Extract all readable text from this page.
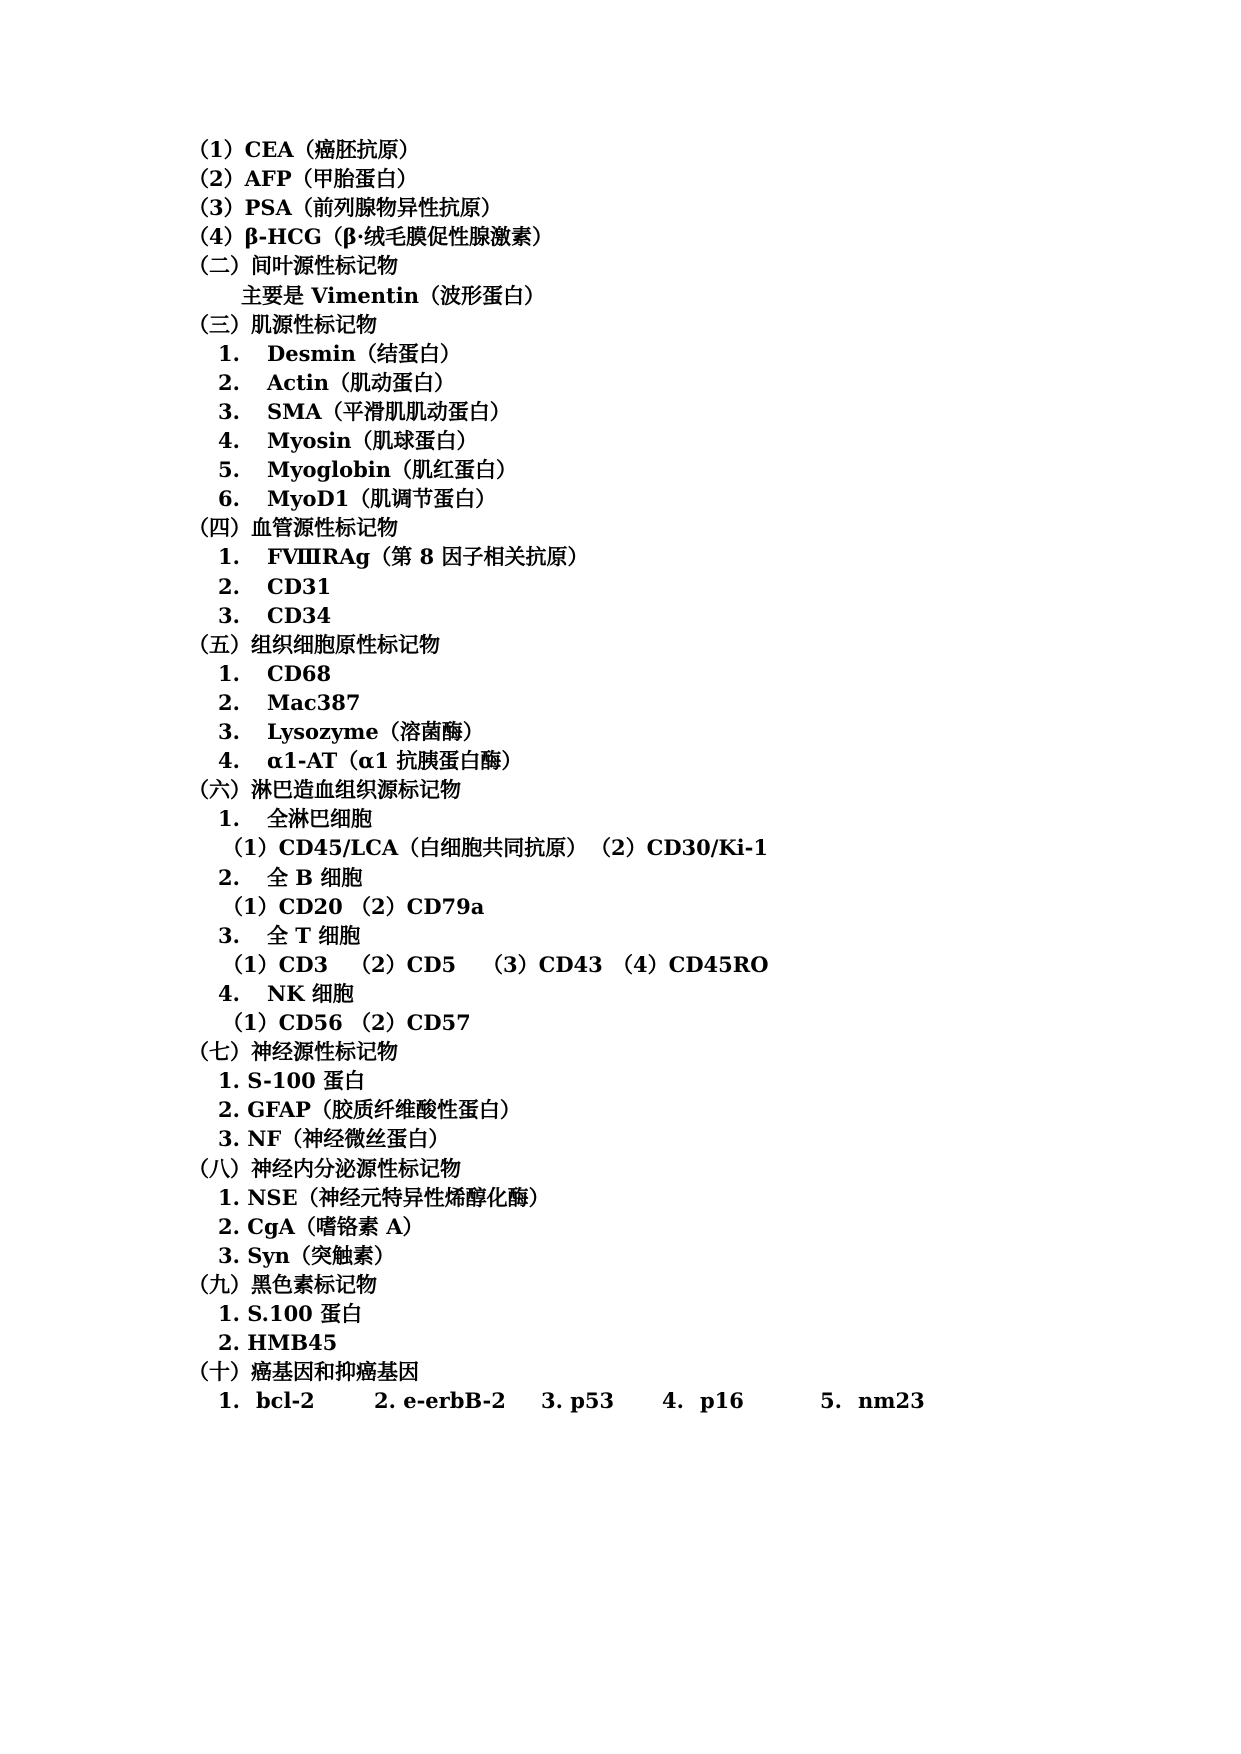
（1）CEA（癌胚抗原）
（2）AFP（甲胎蛋白）
（3）PSA（前列腺物异性抗原）
（4）β-HCG（β·绒毛膜促性腺激素）
（二）间叶源性标记物
主要是 Vimentin（波形蛋白）
（三）肌源性标记物
1. Desmin（结蛋白）
2. Actin（肌动蛋白）
3. SMA（平滑肌肌动蛋白）
4. Myosin（肌球蛋白）
5. Myoglobin（肌红蛋白）
6. MyoD1（肌调节蛋白）
（四）血管源性标记物
1. FⅧRAg（第 8 因子相关抗原）
2. CD31
3. CD34
（五）组织细胞原性标记物
1. CD68
2. Mac387
3. Lysozyme（溶菌酶）
4. α1-AT（α1 抗胰蛋白酶）
（六）淋巴造血组织源标记物
1. 全淋巴细胞
（1）CD45/LCA（白细胞共同抗原） （2）CD30/Ki-1
2. 全 B 细胞
（1）CD20 （2）CD79a
3. 全 T 细胞
（1）CD3 （2）CD5 （3）CD43 （4）CD45RO
4. NK 细胞
（1）CD56 （2）CD57
（七）神经源性标记物
1. S-100 蛋白
2. GFAP（胶质纤维酸性蛋白）
3. NF（神经微丝蛋白）
（八）神经内分泌源性标记物
1. NSE（神经元特异性烯醇化酶）
2. CgA（嗜铬素 A）
3. Syn（突触素）
（九）黑色素标记物
1. S.100 蛋白
2. HMB45
（十）癌基因和抑癌基因
1. bcl-2	2. e-erbB-2 3. p53 4. p16	5. nm23
